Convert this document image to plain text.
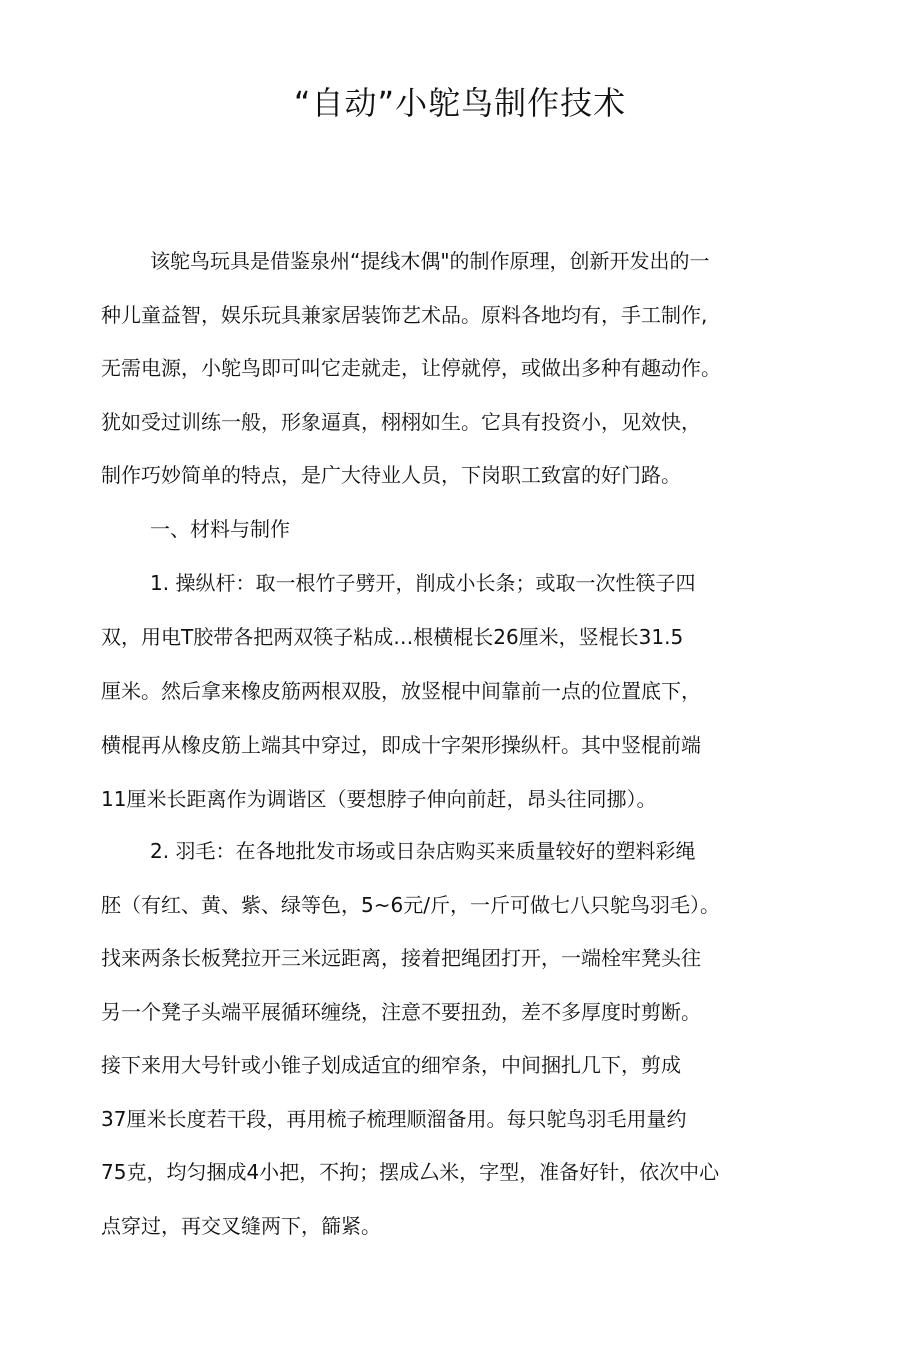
“自动”小鸵鸟制作技术
该鸵鸟玩具是借鉴泉州“提线木偶"的制作原理，创新开发出的一
种儿童益智，娱乐玩具兼家居装饰艺术品。原料各地均有，手工制作,
无需电源，小鸵鸟即可叫它走就走，让停就停，或做出多种有趣动作。
犹如受过训练一般，形象逼真，栩栩如生。它具有投资小，见效快，
制作巧妙简单的特点，是广大待业人员，下岗职工致富的好门路。
一、材料与制作
1. 操纵杆：取一根竹子劈开，削成小长条；或取一次性筷子四
双，用电T胶带各把两双筷子粘成…根横棍长26厘米，竖棍长31.5
厘米。然后拿来橡皮筋两根双股，放竖棍中间靠前一点的位置底下，
横棍再从橡皮筋上端其中穿过，即成十字架形操纵杆。其中竖棍前端
11厘米长距离作为调谐区（要想脖子伸向前赶，昂头往同挪）。
2. 羽毛：在各地批发市场或日杂店购买来质量较好的塑料彩绳
胚（有红、黄、紫、绿等色，5~6元/斤，一斤可做七八只鸵鸟羽毛）。
找来两条长板凳拉开三米远距离，接着把绳团打开，一端栓牢凳头往
另一个凳子头端平展循环缠绕，注意不要扭劲，差不多厚度时剪断。
接下来用大号针或小锥子划成适宜的细窄条，中间捆扎几下，剪成
37厘米长度若干段，再用梳子梳理顺溜备用。每只鸵鸟羽毛用量约
75克，均匀捆成4小把，不拘；摆成厶米，字型，准备好针，依次中心
点穿过，再交叉缝两下，篩紧。
